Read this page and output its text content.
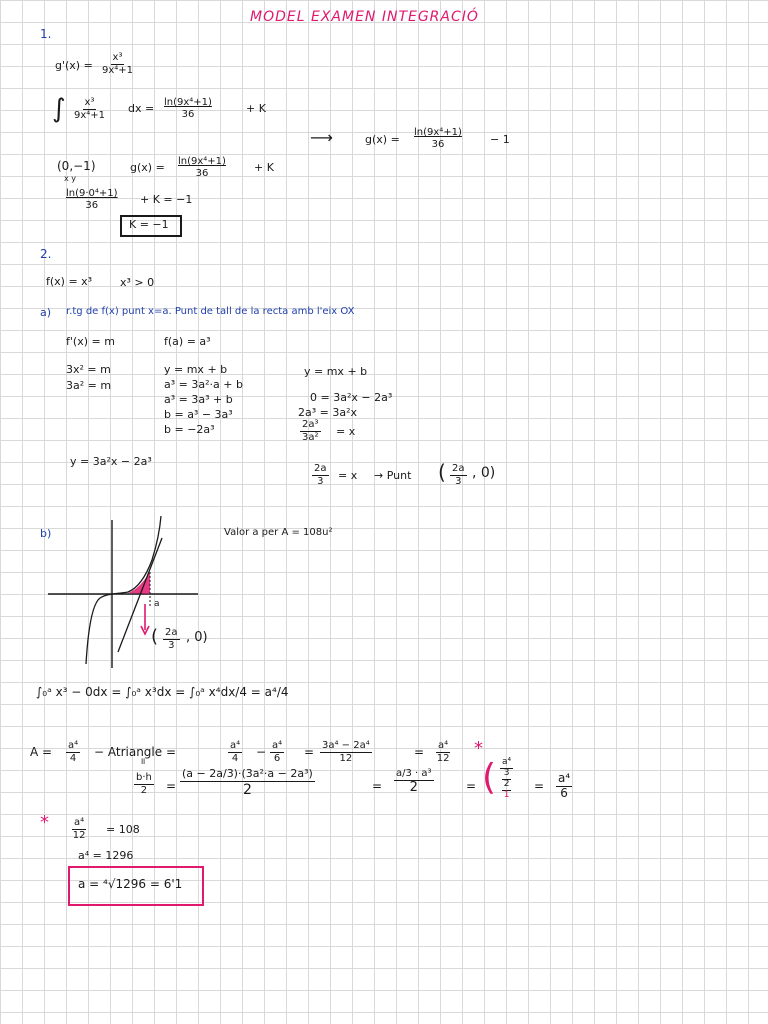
MODEL EXAMEN INTEGRACIÓ
1.
$g'(x) = \frac{\text{x³}}{\text{9x⁴+1}}$
∫ $\frac{\text{x³}}{\text{9x⁴+1}}$ dx = $\frac{\text{ln(9x⁴+1)}}{36}$	+ K
⟶	$g(x) = \frac{\text{ln(9x⁴+1)}}{36} - 1$
(0,−1)
x y
$g(x) = \frac{\text{ln(9x⁴+1)}}{36} + K$
$\frac{\text{ln(9·0⁴+1)}}{36} + K = -1$
K = −1
2.
f(x) = x³	x³ > 0
a) r.tg de f(x) punt x=a. Punt de tall de la recta amb l'eix OX
f'(x) = m
3x² = m
3a² = m
f(a) = a³
y = mx + b
a³ = 3a²·a + b
a³ = 3a³ + b
b = a³ − 3a³
b = −2a³
y = mx + b
0 = 3a²x − 2a³
2a³ = 3a²x
$\frac{\text{2a³}}{\text{3a²}} = x$
y = 3a²x − 2a³
$\frac{2a}{3} = x$ → Punt ( $\frac{2a}{3}$ , 0)
b)	Valor a per A = 108u²
a
( $\frac{2a}{3}$ , 0)
∫₀ᵃ x³ − 0dx = ∫₀ᵃ x³dx = ∫₀ᵃ x⁴dx/4 = a⁴/4
$A = \frac{\text{a⁴}}{4}$ − Atriangle =	$\frac{\text{a⁴}}{4} - \frac{\text{a⁴}}{6} = \frac{\text{3a⁴ − 2a⁴}}{12}$	= $\frac{\text{a⁴}}{12}$ *
॥
$\frac{b\cdot h}{2}$ =
(a − 2a/3)·(3a²·a − 2a³)
2	=
a/3 · a³
2	= ( a⁴
3
2
1
= $\frac{\text{a⁴}}{6}$
* $\frac{\text{a⁴}}{12} = 108$
a⁴ = 1296
a = ⁴√1296 = 6'1
